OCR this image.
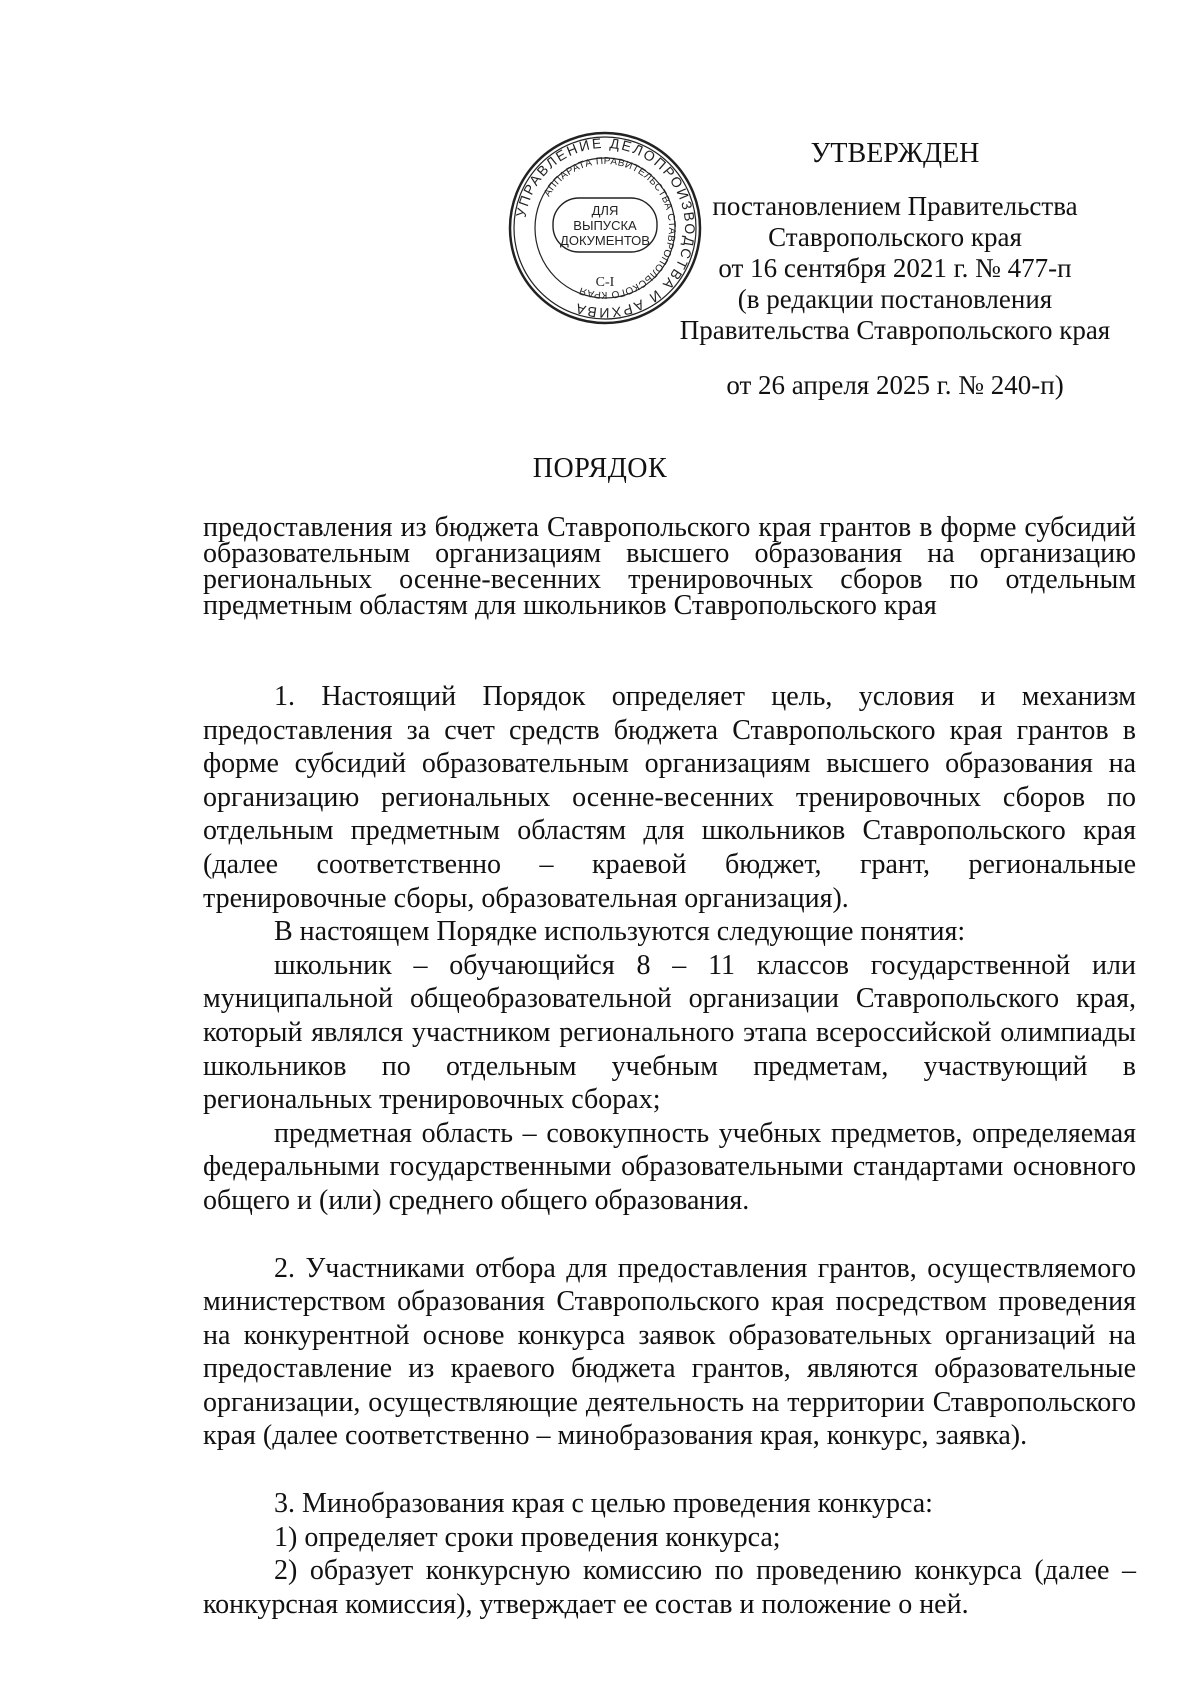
УПРАВЛЕНИЕ ДЕЛОПРОИЗВОДСТВА И АРХИВА
АППАРАТА ПРАВИТЕЛЬСТВА СТАВРОПОЛЬСКОГО КРАЯ
ДЛЯ
ВЫПУСКА
ДОКУМЕНТОВ
С-I
УТВЕРЖДЕН
постановлением Правительства
Ставропольского края
от 16 сентября 2021 г. № 477-п
(в редакции постановления
Правительства Ставропольского края
от 26 апреля 2025 г. № 240-п)
ПОРЯДОК
предоставления из бюджета Ставропольского края грантов в форме субсидий образовательным организациям высшего образования на организацию региональных осенне-весенних тренировочных сборов по отдельным предметным областям для школьников Ставропольского края

1. Настоящий Порядок определяет цель, условия и механизм предоставления за счет средств бюджета Ставропольского края грантов в форме субсидий образовательным организациям высшего образования на организацию региональных осенне-весенних тренировочных сборов по отдельным предметным областям для школьников Ставропольского края (далее соответственно – краевой бюджет, грант, региональные тренировочные сборы, образовательная организация).

В настоящем Порядке используются следующие понятия:

школьник – обучающийся 8 – 11 классов государственной или муниципальной общеобразовательной организации Ставропольского края, который являлся участником регионального этапа всероссийской олимпиады школьников по отдельным учебным предметам, участвующий в региональных тренировочных сборах;

предметная область – совокупность учебных предметов, определяемая федеральными государственными образовательными стандартами основного общего и (или) среднего общего образования.

2. Участниками отбора для предоставления грантов, осуществляемого министерством образования Ставропольского края посредством проведения на конкурентной основе конкурса заявок образовательных организаций на предоставление из краевого бюджета грантов, являются образовательные организации, осуществляющие деятельность на территории Ставропольского края (далее соответственно – минобразования края, конкурс, заявка).

3. Минобразования края с целью проведения конкурса:

1) определяет сроки проведения конкурса;

2) образует конкурсную комиссию по проведению конкурса (далее – конкурсная комиссия), утверждает ее состав и положение о ней.
